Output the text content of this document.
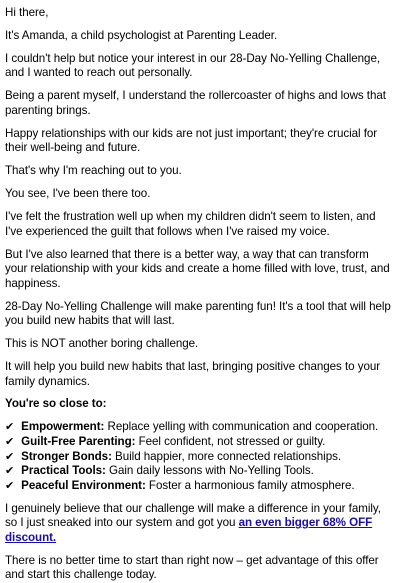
Hi there,

It's Amanda, a child psychologist at Parenting Leader.

I couldn't help but notice your interest in our 28-Day No-Yelling Challenge, and I wanted to reach out personally.

Being a parent myself, I understand the rollercoaster of highs and lows that parenting brings.

Happy relationships with our kids are not just important; they're crucial for their well-being and future.

That's why I'm reaching out to you.

You see, I've been there too.

I've felt the frustration well up when my children didn't seem to listen, and I've experienced the guilt that follows when I've raised my voice.

But I've also learned that there is a better way, a way that can transform your relationship with your kids and create a home filled with love, trust, and happiness.

28-Day No-Yelling Challenge will make parenting fun! It's a tool that will help you build new habits that will last.

This is NOT another boring challenge.

It will help you build new habits that last, bringing positive changes to your family dynamics.

You're so close to:

✔ Empowerment: Replace yelling with communication and cooperation.
✔ Guilt-Free Parenting: Feel confident, not stressed or guilty.
✔ Stronger Bonds: Build happier, more connected relationships.
✔ Practical Tools: Gain daily lessons with No-Yelling Tools.
✔ Peaceful Environment: Foster a harmonious family atmosphere.

I genuinely believe that our challenge will make a difference in your family, so I just sneaked into our system and got you an even bigger 68% OFF discount.

There is no better time to start than right now – get advantage of this offer and start this challenge today.
